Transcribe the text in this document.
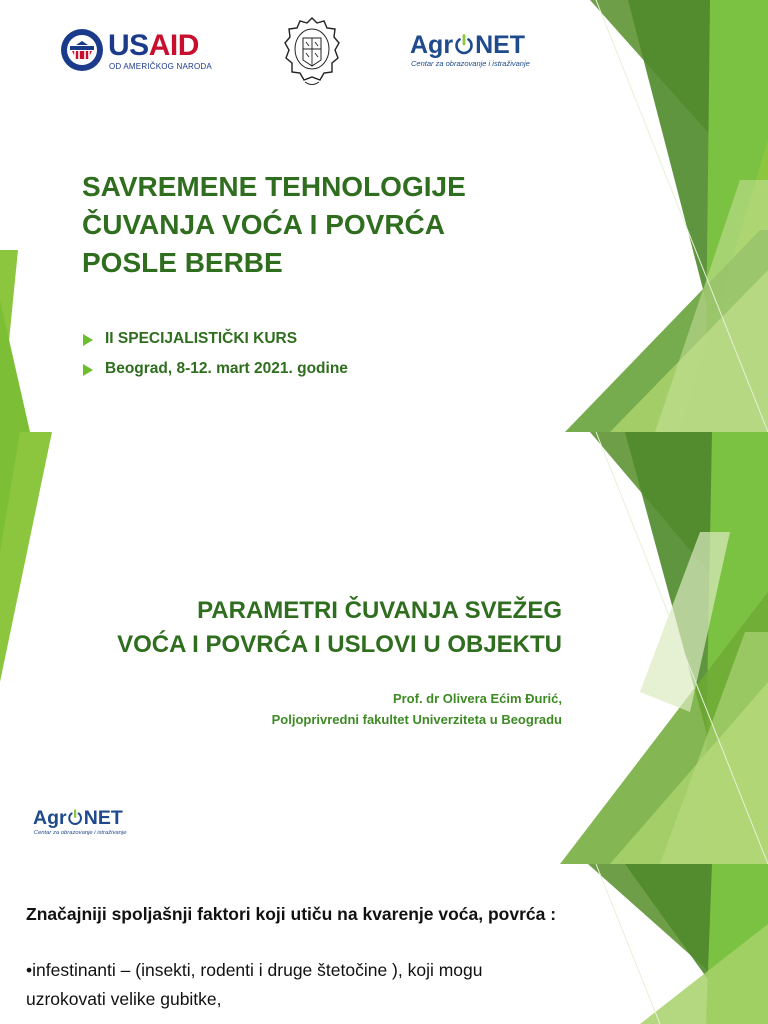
USAID
OD AMERIČKOG NARODA
Agr NET
Centar za obrazovanje i istraživanje
SAVREMENE TEHNOLOGIJE
ČUVANJA VOĆA I POVRĆA
POSLE BERBE
II SPECIJALISTIČKI KURS
Beograd, 8-12. mart 2021. godine
PARAMETRI ČUVANJA SVEŽEG
VOĆA I POVRĆA I USLOVI U OBJEKTU
Prof. dr Olivera Ećim Đurić,
Poljoprivredni fakultet Univerziteta u Beogradu
Agr NET
Centar za obrazovanje i istraživanje
Značajniji spoljašnji faktori koji utiču na kvarenje voća, povrća :

•infestinanti – (insekti, rodenti i druge štetočine ), koji mogu
uzrokovati velike gubitke,
